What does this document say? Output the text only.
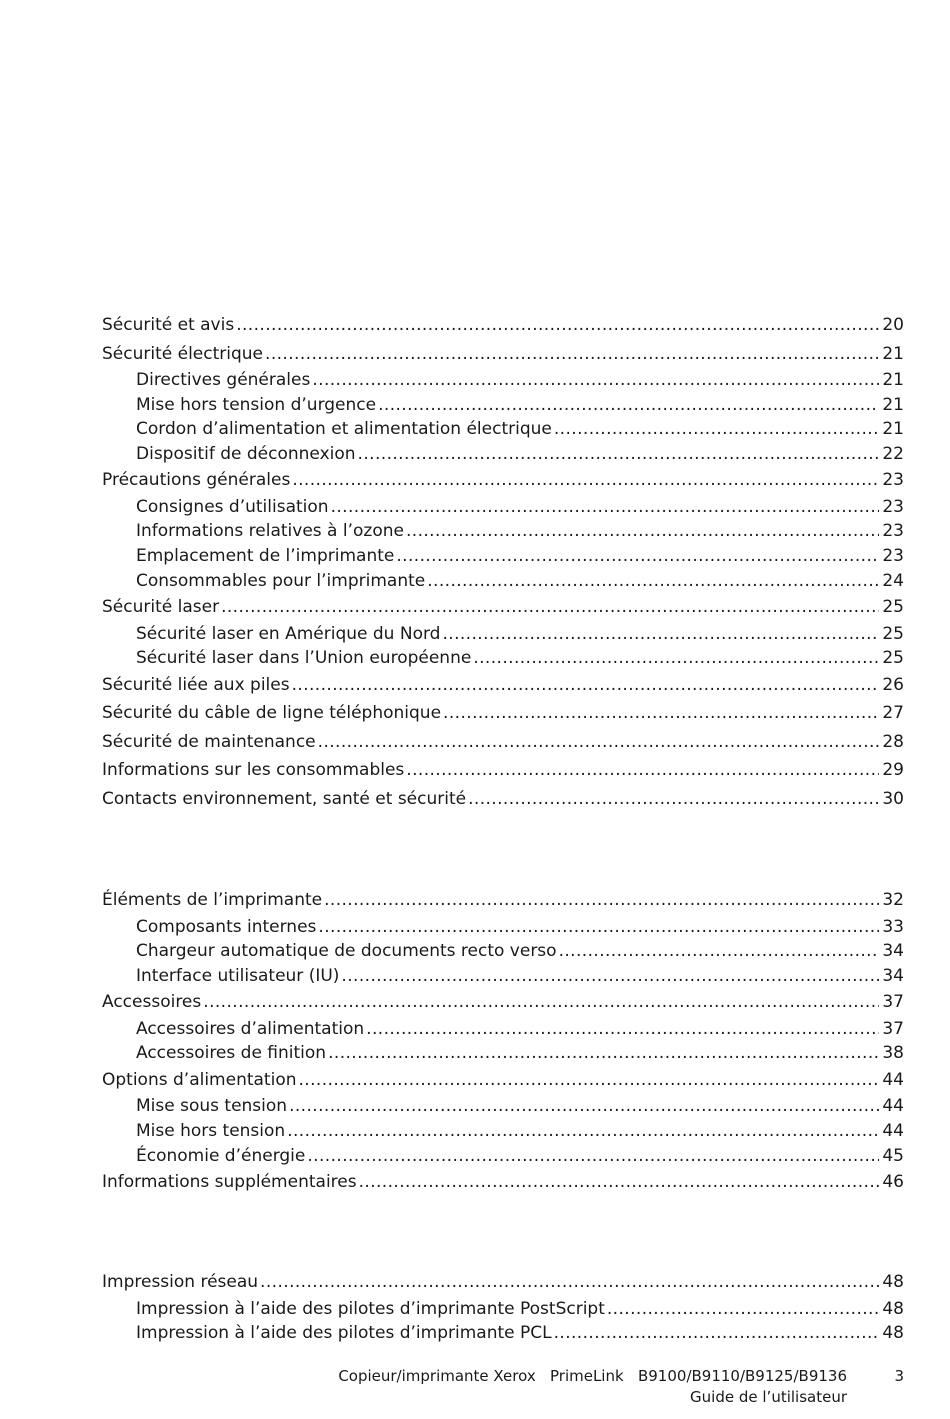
Sécurité et avis .....	20
Sécurité électrique .....	21
Directives générales .....	21
Mise hors tension d’urgence .....	21
Cordon d’alimentation et alimentation électrique .....	21
Dispositif de déconnexion .....	22
Précautions générales .....	23
Consignes d’utilisation .....	23
Informations relatives à l’ozone .....	23
Emplacement de l’imprimante .....	23
Consommables pour l’imprimante .....	24
Sécurité laser .....	25
Sécurité laser en Amérique du Nord .....	25
Sécurité laser dans l’Union européenne .....	25
Sécurité liée aux piles .....	26
Sécurité du câble de ligne téléphonique .....	27
Sécurité de maintenance .....	28
Informations sur les consommables .....	29
Contacts environnement, santé et sécurité .....	30
Éléments de l’imprimante .....	32
Composants internes .....	33
Chargeur automatique de documents recto verso .....	34
Interface utilisateur (IU) .....	34
Accessoires .....	37
Accessoires d’alimentation .....	37
Accessoires de finition .....	38
Options d’alimentation .....	44
Mise sous tension .....	44
Mise hors tension .....	44
Économie d’énergie .....	45
Informations supplémentaires .....	46
Impression réseau .....	48
Impression à l’aide des pilotes d’imprimante PostScript .....	48
Impression à l’aide des pilotes d’imprimante PCL .....	48
Copieur/imprimante Xerox   PrimeLink   B9100/B9110/B9125/B9136
Guide de l’utilisateur
3
